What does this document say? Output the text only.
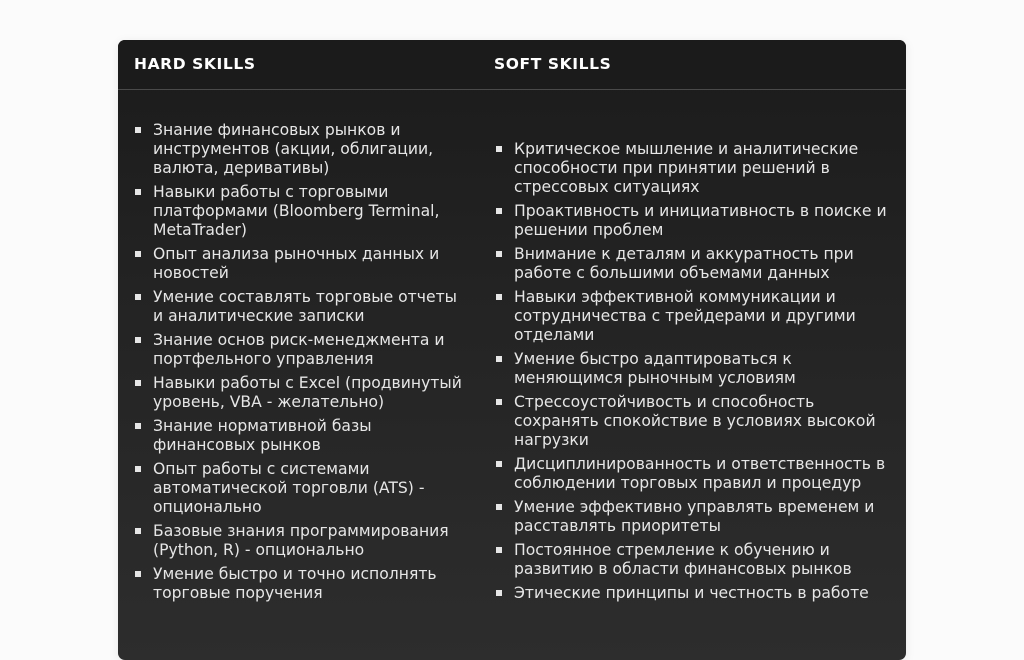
HARD SKILLS	SOFT SKILLS
Знание финансовых рынков и инструментов (акции, облигации, валюта, деривативы)
Навыки работы с торговыми платформами (Bloomberg Terminal, MetaTrader)
Опыт анализа рыночных данных и новостей
Умение составлять торговые отчеты и аналитические записки
Знание основ риск-менеджмента и портфельного управления
Навыки работы с Excel (продвинутый уровень, VBA - желательно)
Знание нормативной базы финансовых рынков
Опыт работы с системами автоматической торговли (ATS) - опционально
Базовые знания программирования (Python, R) - опционально
Умение быстро и точно исполнять торговые поручения
Критическое мышление и аналитические способности при принятии решений в стрессовых ситуациях
Проактивность и инициативность в поиске и решении проблем
Внимание к деталям и аккуратность при работе с большими объемами данных
Навыки эффективной коммуникации и сотрудничества с трейдерами и другими отделами
Умение быстро адаптироваться к меняющимся рыночным условиям
Стрессоустойчивость и способность сохранять спокойствие в условиях высокой нагрузки
Дисциплинированность и ответственность в соблюдении торговых правил и процедур
Умение эффективно управлять временем и расставлять приоритеты
Постоянное стремление к обучению и развитию в области финансовых рынков
Этические принципы и честность в работе
